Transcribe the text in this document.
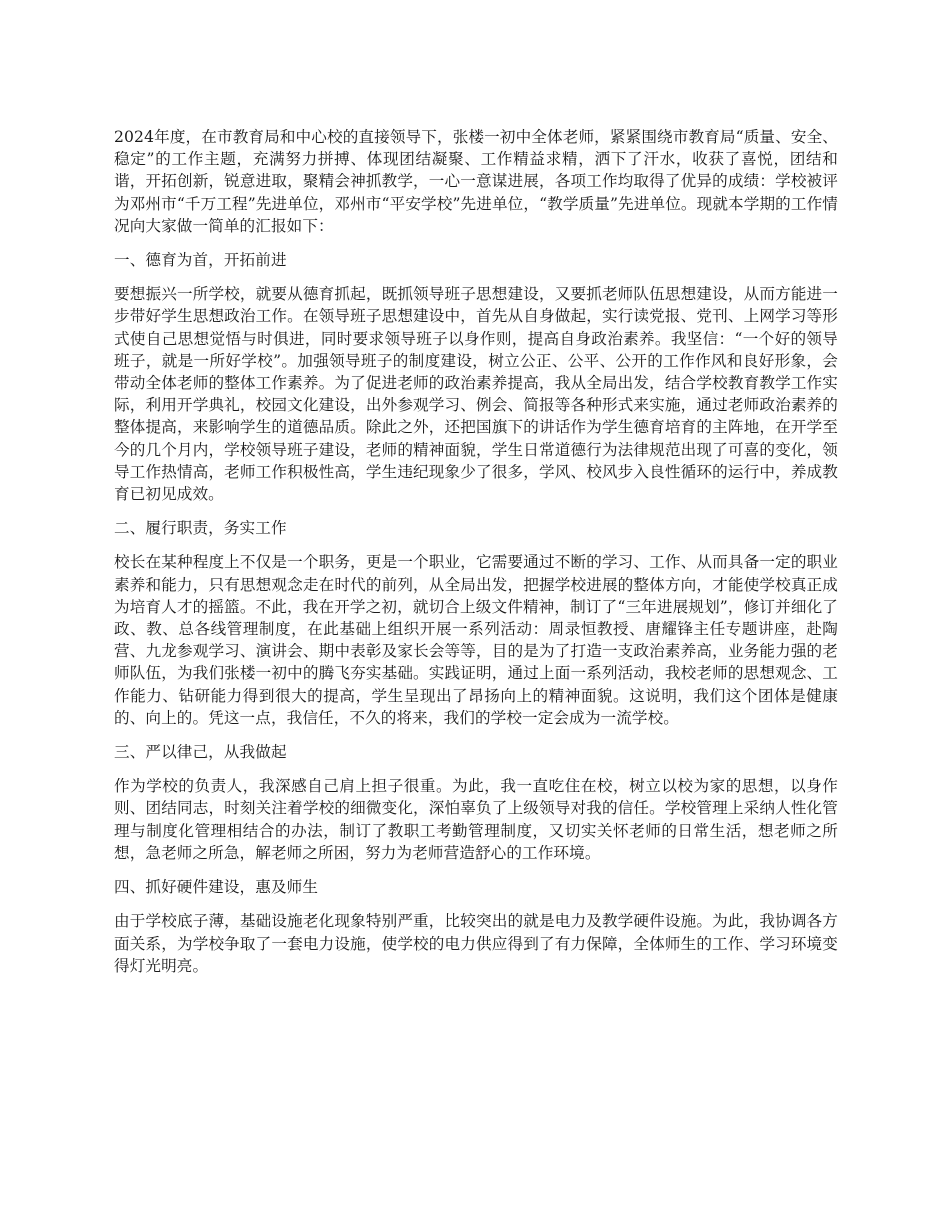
2024年度，在市教育局和中心校的直接领导下，张楼一初中全体老师，紧紧围绕市教育局“质量、安全、稳定”的工作主题，充满努力拼搏、体现团结凝聚、工作精益求精，洒下了汗水，收获了喜悦，团结和谐，开拓创新，锐意进取，聚精会神抓教学，一心一意谋进展，各项工作均取得了优异的成绩：学校被评为邓州市“千万工程”先进单位，邓州市“平安学校”先进单位，“教学质量”先进单位。现就本学期的工作情况向大家做一简单的汇报如下：

一、德育为首，开拓前进

要想振兴一所学校，就要从德育抓起，既抓领导班子思想建设，又要抓老师队伍思想建设，从而方能进一步带好学生思想政治工作。在领导班子思想建设中，首先从自身做起，实行读党报、党刊、上网学习等形式使自己思想觉悟与时俱进，同时要求领导班子以身作则，提高自身政治素养。我坚信：“一个好的领导班子，就是一所好学校”。加强领导班子的制度建设，树立公正、公平、公开的工作作风和良好形象，会带动全体老师的整体工作素养。为了促进老师的政治素养提高，我从全局出发，结合学校教育教学工作实际，利用开学典礼，校园文化建设，出外参观学习、例会、简报等各种形式来实施，通过老师政治素养的整体提高，来影响学生的道德品质。除此之外，还把国旗下的讲话作为学生德育培育的主阵地，在开学至今的几个月内，学校领导班子建设，老师的精神面貌，学生日常道德行为法律规范出现了可喜的变化，领导工作热情高，老师工作积极性高，学生违纪现象少了很多，学风、校风步入良性循环的运行中，养成教育已初见成效。

二、履行职责，务实工作

校长在某种程度上不仅是一个职务，更是一个职业，它需要通过不断的学习、工作、从而具备一定的职业素养和能力，只有思想观念走在时代的前列，从全局出发，把握学校进展的整体方向，才能使学校真正成为培育人才的摇篮。不此，我在开学之初，就切合上级文件精神，制订了“三年进展规划”，修订并细化了政、教、总各线管理制度，在此基础上组织开展一系列活动：周录恒教授、唐耀锋主任专题讲座，赴陶营、九龙参观学习、演讲会、期中表彰及家长会等等，目的是为了打造一支政治素养高，业务能力强的老师队伍，为我们张楼一初中的腾飞夯实基础。实践证明，通过上面一系列活动，我校老师的思想观念、工作能力、钻研能力得到很大的提高，学生呈现出了昂扬向上的精神面貌。这说明，我们这个团体是健康的、向上的。凭这一点，我信任，不久的将来，我们的学校一定会成为一流学校。

三、严以律己，从我做起

作为学校的负责人，我深感自己肩上担子很重。为此，我一直吃住在校，树立以校为家的思想，以身作则、团结同志，时刻关注着学校的细微变化，深怕辜负了上级领导对我的信任。学校管理上采纳人性化管理与制度化管理相结合的办法，制订了教职工考勤管理制度，又切实关怀老师的日常生活，想老师之所想，急老师之所急，解老师之所困，努力为老师营造舒心的工作环境。

四、抓好硬件建设，惠及师生

由于学校底子薄，基础设施老化现象特别严重，比较突出的就是电力及教学硬件设施。为此，我协调各方面关系，为学校争取了一套电力设施，使学校的电力供应得到了有力保障，全体师生的工作、学习环境变得灯光明亮。
